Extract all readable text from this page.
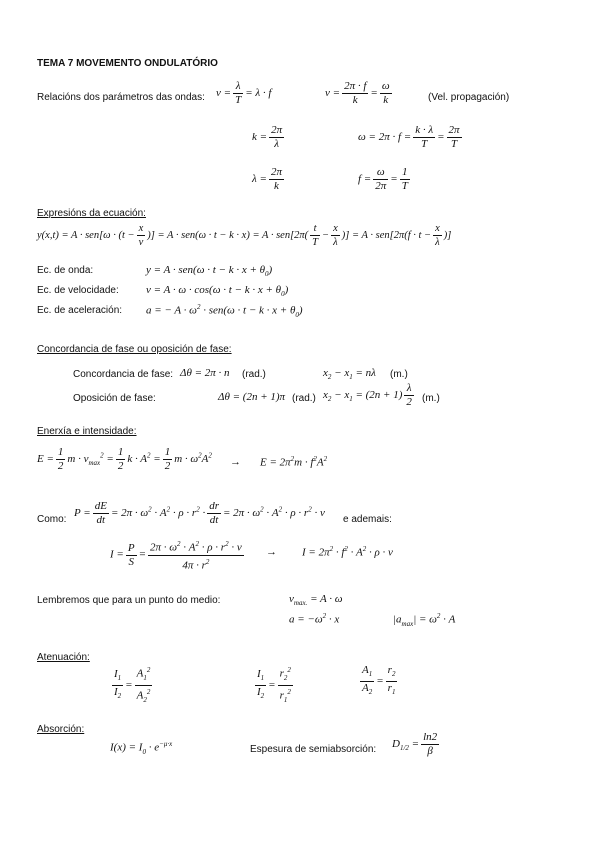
TEMA 7 MOVEMENTO ONDULATÓRIO
Relacións dos parámetros das ondas: $v = \frac{\lambda}{T} = \lambda \cdot f$	$v = \frac{2\pi \cdot f}{k} = \frac{\omega}{k}$	(Vel. propagación)
$k = \frac{2\pi}{\lambda}$	$\omega = 2\pi \cdot f = \frac{k \cdot \lambda}{T} = \frac{2\pi}{T}$
$\lambda = \frac{2\pi}{k}$	$f = \frac{\omega}{2\pi} = \frac{1}{T}$
Expresións da ecuación:
$y(x,t) = A \cdot sen[\omega \cdot (t - \frac{x}{v}$ )] = $A \cdot sen(\omega \cdot t - k \cdot x) = A \cdot sen[2\pi( \frac{t}{T} - \frac{x}{\lambda}$ )] = $A \cdot sen[2\pi(f \cdot t - \frac{x}{\lambda}$ )]
Ec. de onda:	$y = A \cdot sen(\omega \cdot t - k \cdot x + \theta_0)$
Ec. de velocidade: $v = A \cdot \omega \cdot \cos(\omega \cdot t - k \cdot x + \theta_0)$
Ec. de aceleración: a = − $A \cdot \omega^2 \cdot sen(\omega \cdot t - k \cdot x + \theta_0)$
Concordancia de fase ou oposición de fase:
Concordancia de fase: Δθ = 2π · n (rad.)	$x_2 - x_1 = n\lambda$ (m.)
Oposición de fase:	Δθ = (2n + 1)π (rad.) $x_2 - x_1 = (2n + 1) \frac{\lambda}{2} (m.)$
Enerxía e intensidade:
$E = \frac{1}{2}$ $m \cdot v_{max}^2 = \frac{1}{2}$ $k \cdot A^2 = \frac{1}{2}$ $m \cdot \omega^2A^2$
→ $E = 2\pi^2m \cdot f^2A^2$
Como:
$P = \frac{dE}{dt} = 2\pi \cdot \omega^2 \cdot A^2 \cdot \rho \cdot r^2 \cdot \frac{dr}{dt} = 2\pi \cdot \omega^2 \cdot A^2 \cdot \rho \cdot r^2 \cdot v$
e ademais:
$I = \frac{P}{S} = \frac{2\pi \cdot \omega^2 \cdot A^2 \cdot \rho \cdot r^2 \cdot v}{4\pi \cdot r^2} \to I = 2\pi^2 \cdot f^2 \cdot A^2 \cdot \rho \cdot v$
Lembremos que para un punto do medio:	$v_{max.} = A \cdot \omega$
$a = -\omega^2 \cdot x$	$|a_{max}| = \omega^2 \cdot A$
Atenuación:
$\frac{I_1}{I_2} = \frac{A_1^2}{A_2^2}$	$\frac{I_1}{I_2} = \frac{r_2^2}{r_1^2}$	$\frac{A_1}{A_2} = \frac{r_2}{r_1}$
Absorción:
$I(x) = I_0 \cdot e^{-\mu\cdot x}$	Espesura de semiabsorción: $D_{1/2} = \frac{\ln 2}{\beta}$
